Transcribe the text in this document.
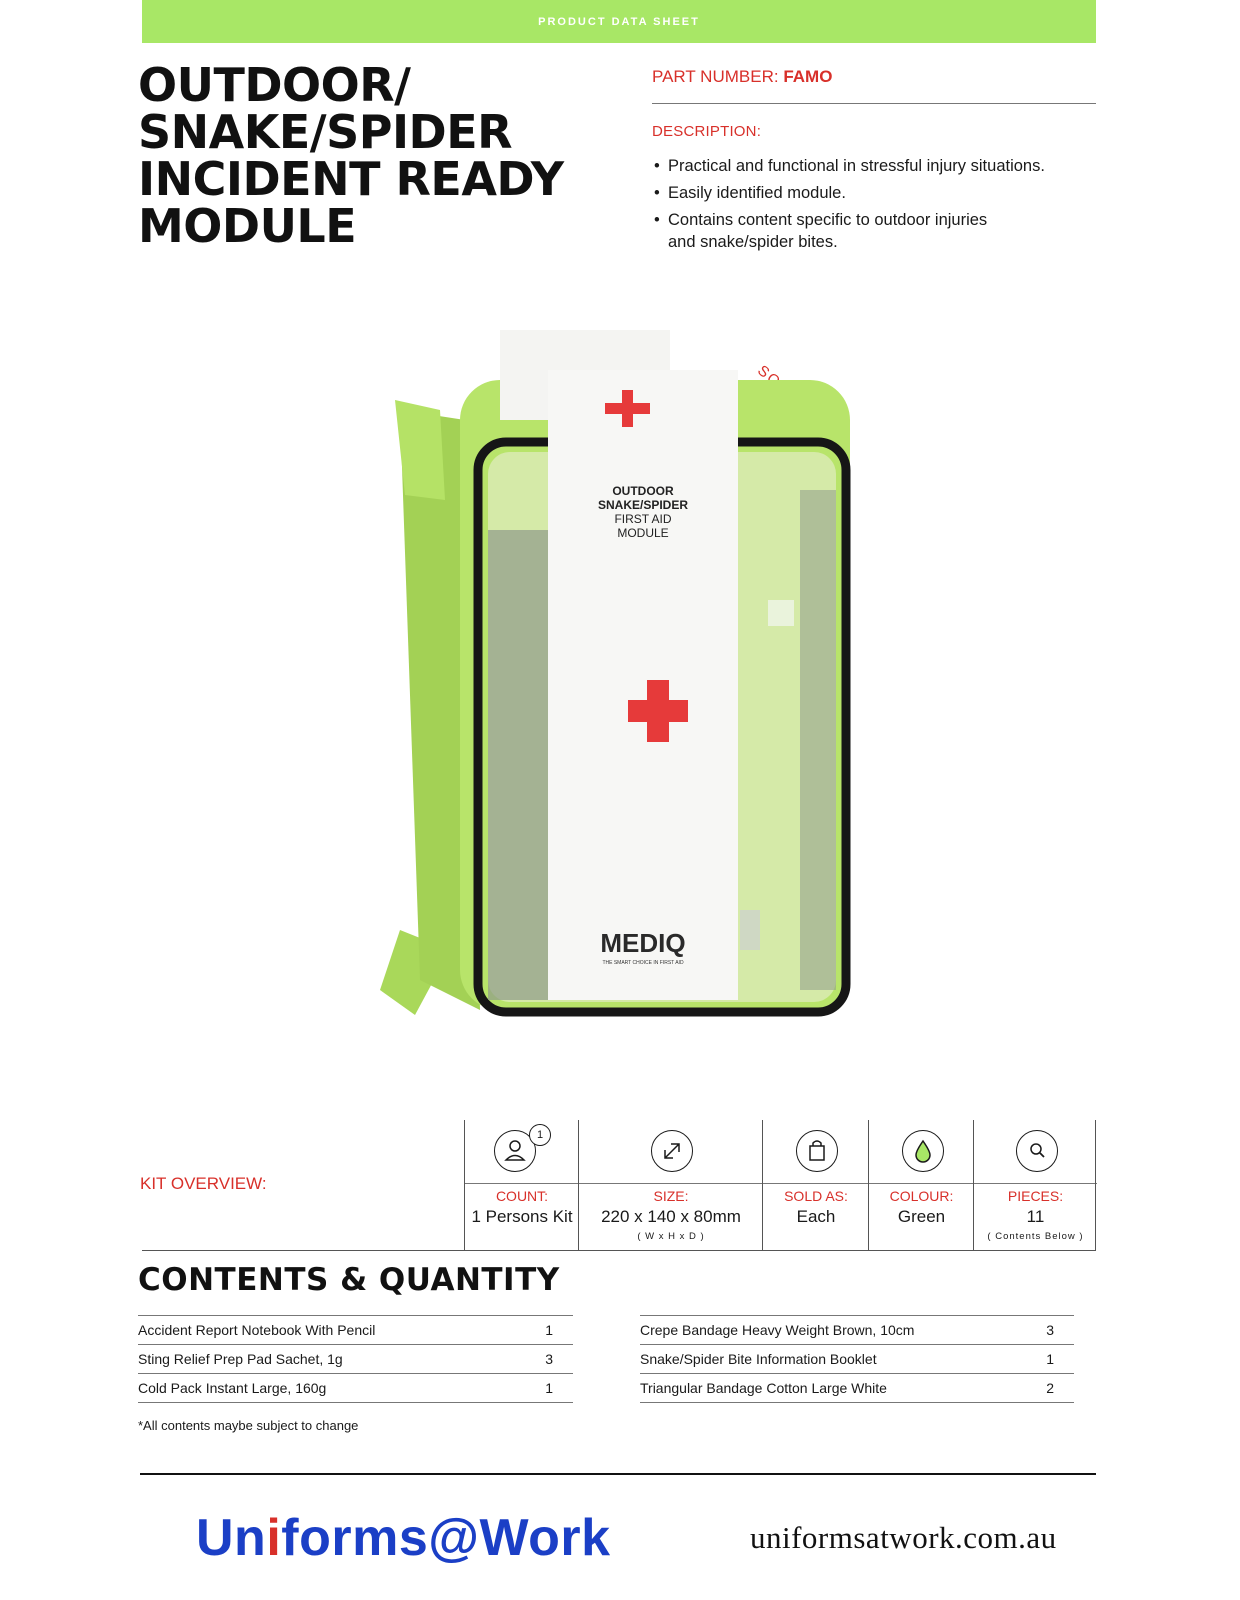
PRODUCT DATA SHEET
OUTDOOR/
SNAKE/SPIDER
INCIDENT READY
MODULE
PART NUMBER: FAMO
DESCRIPTION:
• Practical and functional in stressful injury situations.
• Easily identified module.
• Contains content specific to outdoor injuries and snake/spider bites.
OUTDOOR
SNAKE/SPIDER
FIRST AID
MODULE
MEDIQ
THE SMART CHOICE IN FIRST AID
KIT OVERVIEW:
1
COUNT:
1 Persons Kit
SIZE:
220 x 140 x 80mm
( W x H x D )
SOLD AS:
Each
COLOUR:
Green
PIECES:
11
( Contents Below )
CONTENTS & QUANTITY
Accident Report Notebook With Pencil	1
Sting Relief Prep Pad Sachet, 1g	3
Cold Pack Instant Large, 160g	1
Crepe Bandage Heavy Weight Brown, 10cm	3
Snake/Spider Bite Information Booklet	1
Triangular Bandage Cotton Large White	2
*All contents maybe subject to change
Uniforms@Work	uniformsatwork.com.au
